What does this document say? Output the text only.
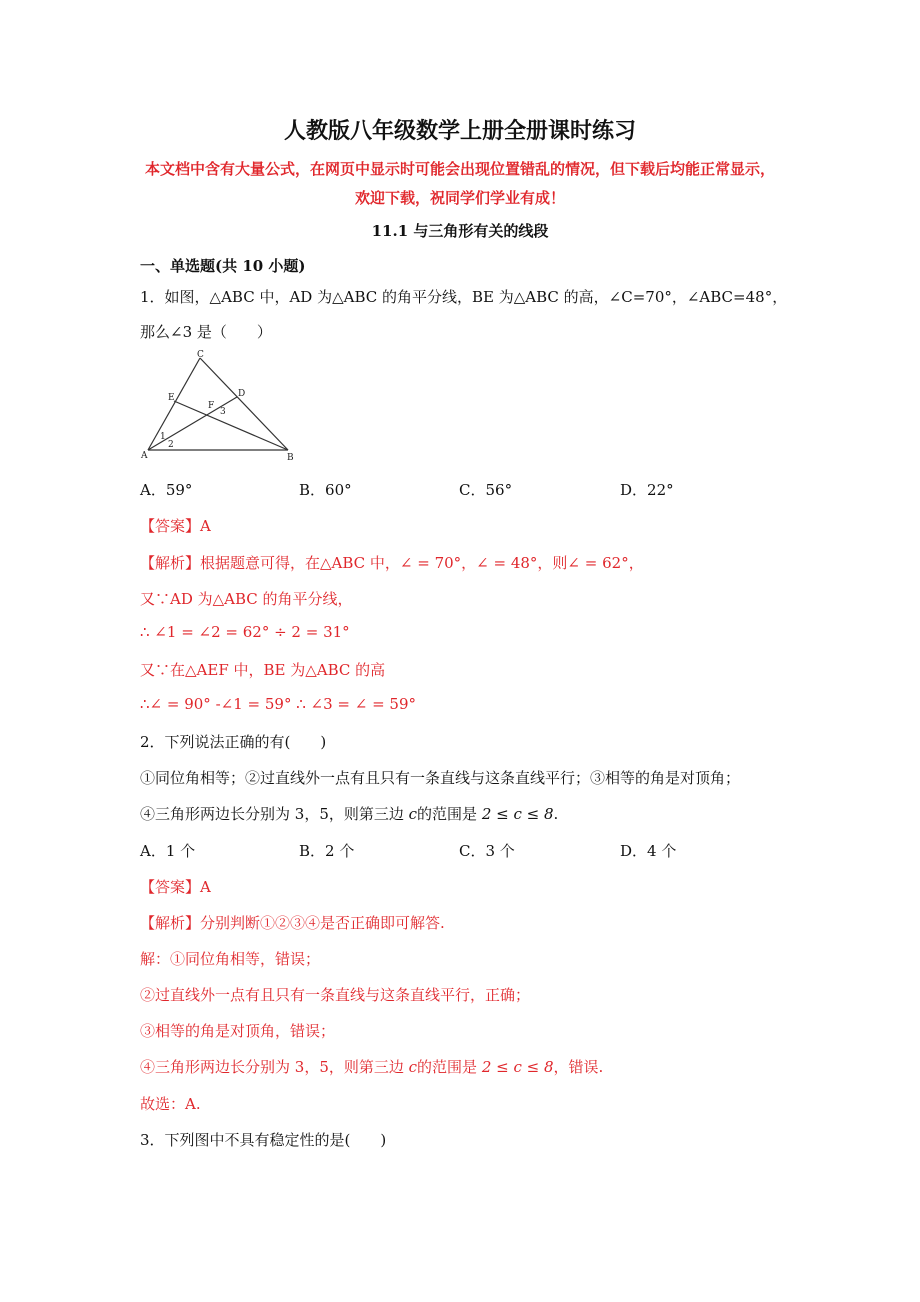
人教版八年级数学上册全册课时练习
本文档中含有大量公式，在网页中显示时可能会出现位置错乱的情况，但下载后均能正常显示，
欢迎下载，祝同学们学业有成！
11.1 与三角形有关的线段
一、单选题(共 10 小题)
1．如图，△ABC 中，AD 为△ABC 的角平分线，BE 为△ABC 的高，∠C=70°，∠ABC=48°，
那么∠3 是（　　）
C
E	D
F
3
1
2
A	B
A．59°	B．60°	C．56°	D．22°
【答案】A
【解析】根据题意可得，在△ABC 中，∠ = 70°，∠ = 48°，则∠ = 62°，
又∵AD 为△ABC 的角平分线，
∴ ∠1 = ∠2 = 62° ÷ 2 = 31°
又∵在△AEF 中，BE 为△ABC 的高
∴∠ = 90° -∠1 = 59° ∴ ∠3 = ∠ = 59°
2．下列说法正确的有(　　)
①同位角相等；②过直线外一点有且只有一条直线与这条直线平行；③相等的角是对顶角；
④三角形两边长分别为 3，5，则第三边 c的范围是 2 ≤ c ≤ 8.
A．1 个	B．2 个	C．3 个	D．4 个
【答案】A
【解析】分别判断①②③④是否正确即可解答.
解：①同位角相等，错误；
②过直线外一点有且只有一条直线与这条直线平行，正确；
③相等的角是对顶角，错误；
④三角形两边长分别为 3，5，则第三边 c的范围是 2 ≤ c ≤ 8，错误.
故选：A.
3．下列图中不具有稳定性的是(　　)
